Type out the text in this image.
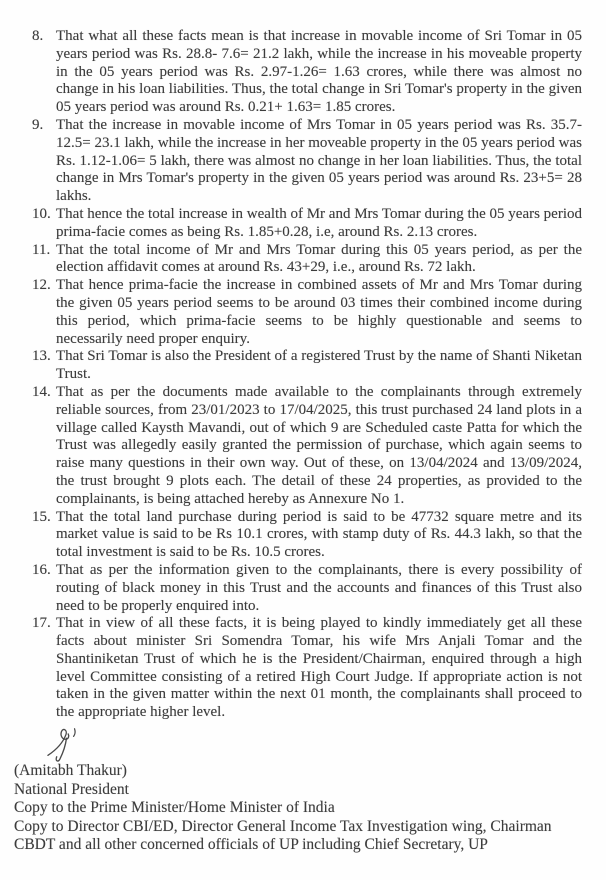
8. That what all these facts mean is that increase in movable income of Sri Tomar in 05 years period was Rs. 28.8- 7.6= 21.2 lakh, while the increase in his moveable property in the 05 years period was Rs. 2.97-1.26= 1.63 crores, while there was almost no change in his loan liabilities. Thus, the total change in Sri Tomar's property in the given 05 years period was around Rs. 0.21+ 1.63= 1.85 crores.
9. That the increase in movable income of Mrs Tomar in 05 years period was Rs. 35.7- 12.5= 23.1 lakh, while the increase in her moveable property in the 05 years period was Rs. 1.12-1.06= 5 lakh, there was almost no change in her loan liabilities. Thus, the total change in Mrs Tomar's property in the given 05 years period was around Rs. 23+5= 28 lakhs.
10. That hence the total increase in wealth of Mr and Mrs Tomar during the 05 years period prima-facie comes as being Rs. 1.85+0.28, i.e, around Rs. 2.13 crores.
11. That the total income of Mr and Mrs Tomar during this 05 years period, as per the election affidavit comes at around Rs. 43+29, i.e., around Rs. 72 lakh.
12. That hence prima-facie the increase in combined assets of Mr and Mrs Tomar during the given 05 years period seems to be around 03 times their combined income during this period, which prima-facie seems to be highly questionable and seems to necessarily need proper enquiry.
13. That Sri Tomar is also the President of a registered Trust by the name of Shanti Niketan Trust.
14. That as per the documents made available to the complainants through extremely reliable sources, from 23/01/2023 to 17/04/2025, this trust purchased 24 land plots in a village called Kaysth Mavandi, out of which 9 are Scheduled caste Patta for which the Trust was allegedly easily granted the permission of purchase, which again seems to raise many questions in their own way. Out of these, on 13/04/2024 and 13/09/2024, the trust brought 9 plots each. The detail of these 24 properties, as provided to the complainants, is being attached hereby as Annexure No 1.
15. That the total land purchase during period is said to be 47732 square metre and its market value is said to be Rs 10.1 crores, with stamp duty of Rs. 44.3 lakh, so that the total investment is said to be Rs. 10.5 crores.
16. That as per the information given to the complainants, there is every possibility of routing of black money in this Trust and the accounts and finances of this Trust also need to be properly enquired into.
17. That in view of all these facts, it is being played to kindly immediately get all these facts about minister Sri Somendra Tomar, his wife Mrs Anjali Tomar and the Shantiniketan Trust of which he is the President/Chairman, enquired through a high level Committee consisting of a retired High Court Judge. If appropriate action is not taken in the given matter within the next 01 month, the complainants shall proceed to the appropriate higher level.
(Amitabh Thakur)
National President
Copy to the Prime Minister/Home Minister of India
Copy to Director CBI/ED, Director General Income Tax Investigation wing, Chairman CBDT and all other concerned officials of UP including Chief Secretary, UP
